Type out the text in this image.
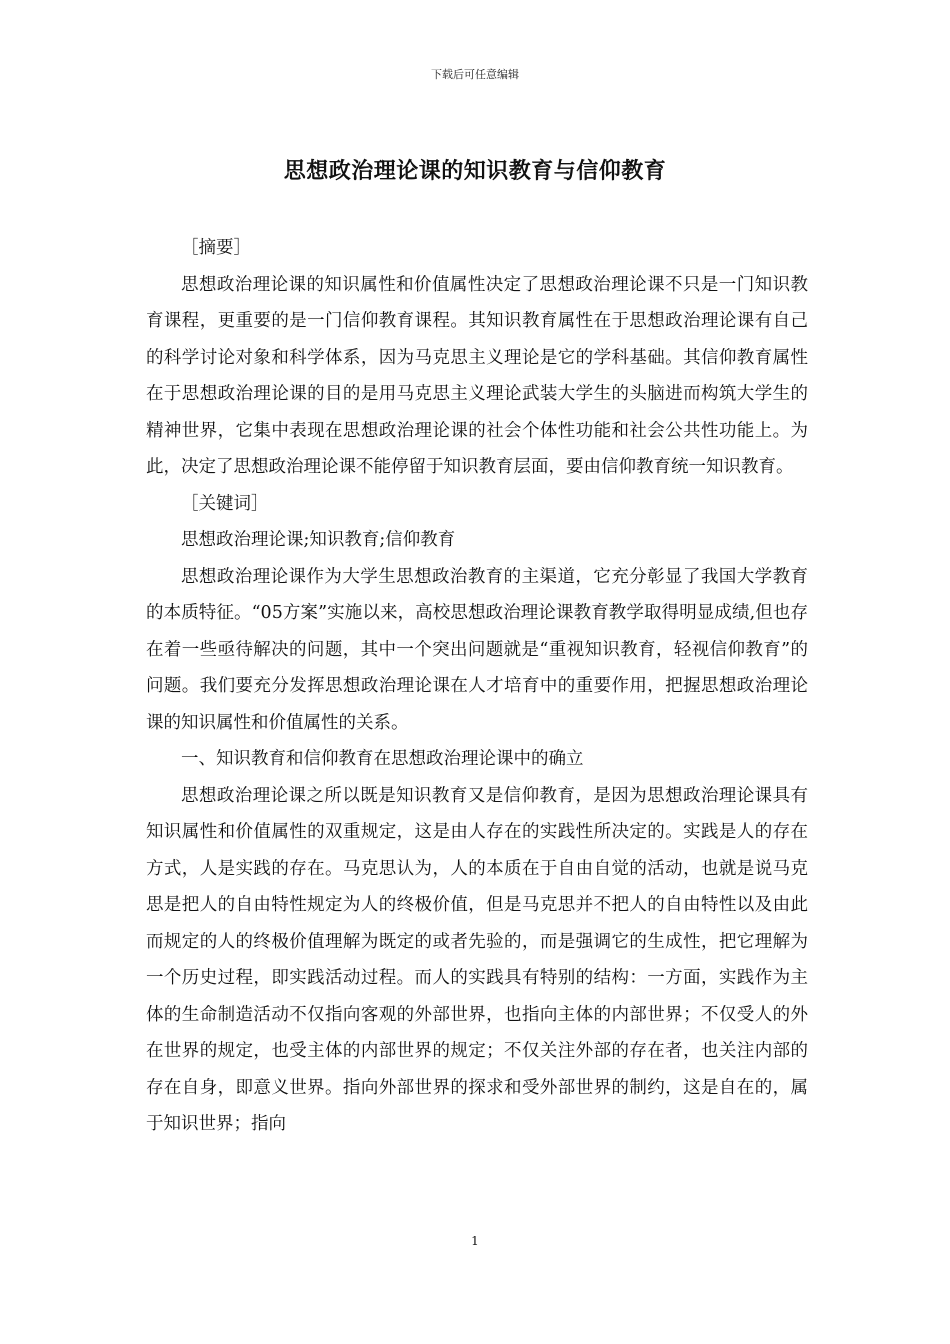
下载后可任意编辑
思想政治理论课的知识教育与信仰教育

［摘要］

思想政治理论课的知识属性和价值属性决定了思想政治理论课不只是一门知识教育课程，更重要的是一门信仰教育课程。其知识教育属性在于思想政治理论课有自己的科学讨论对象和科学体系，因为马克思主义理论是它的学科基础。其信仰教育属性在于思想政治理论课的目的是用马克思主义理论武装大学生的头脑进而构筑大学生的精神世界，它集中表现在思想政治理论课的社会个体性功能和社会公共性功能上。为此，决定了思想政治理论课不能停留于知识教育层面，要由信仰教育统一知识教育。

［关键词］

思想政治理论课;知识教育;信仰教育

思想政治理论课作为大学生思想政治教育的主渠道，它充分彰显了我国大学教育的本质特征。“05方案”实施以来，高校思想政治理论课教育教学取得明显成绩,但也存在着一些亟待解决的问题，其中一个突出问题就是“重视知识教育，轻视信仰教育”的问题。我们要充分发挥思想政治理论课在人才培育中的重要作用，把握思想政治理论课的知识属性和价值属性的关系。

一、知识教育和信仰教育在思想政治理论课中的确立

思想政治理论课之所以既是知识教育又是信仰教育，是因为思想政治理论课具有知识属性和价值属性的双重规定，这是由人存在的实践性所决定的。实践是人的存在方式，人是实践的存在。马克思认为，人的本质在于自由自觉的活动，也就是说马克思是把人的自由特性规定为人的终极价值，但是马克思并不把人的自由特性以及由此而规定的人的终极价值理解为既定的或者先验的，而是强调它的生成性，把它理解为一个历史过程，即实践活动过程。而人的实践具有特别的结构：一方面，实践作为主体的生命制造活动不仅指向客观的外部世界，也指向主体的内部世界；不仅受人的外在世界的规定，也受主体的内部世界的规定；不仅关注外部的存在者，也关注内部的存在自身，即意义世界。指向外部世界的探求和受外部世界的制约，这是自在的，属于知识世界；指向

1
